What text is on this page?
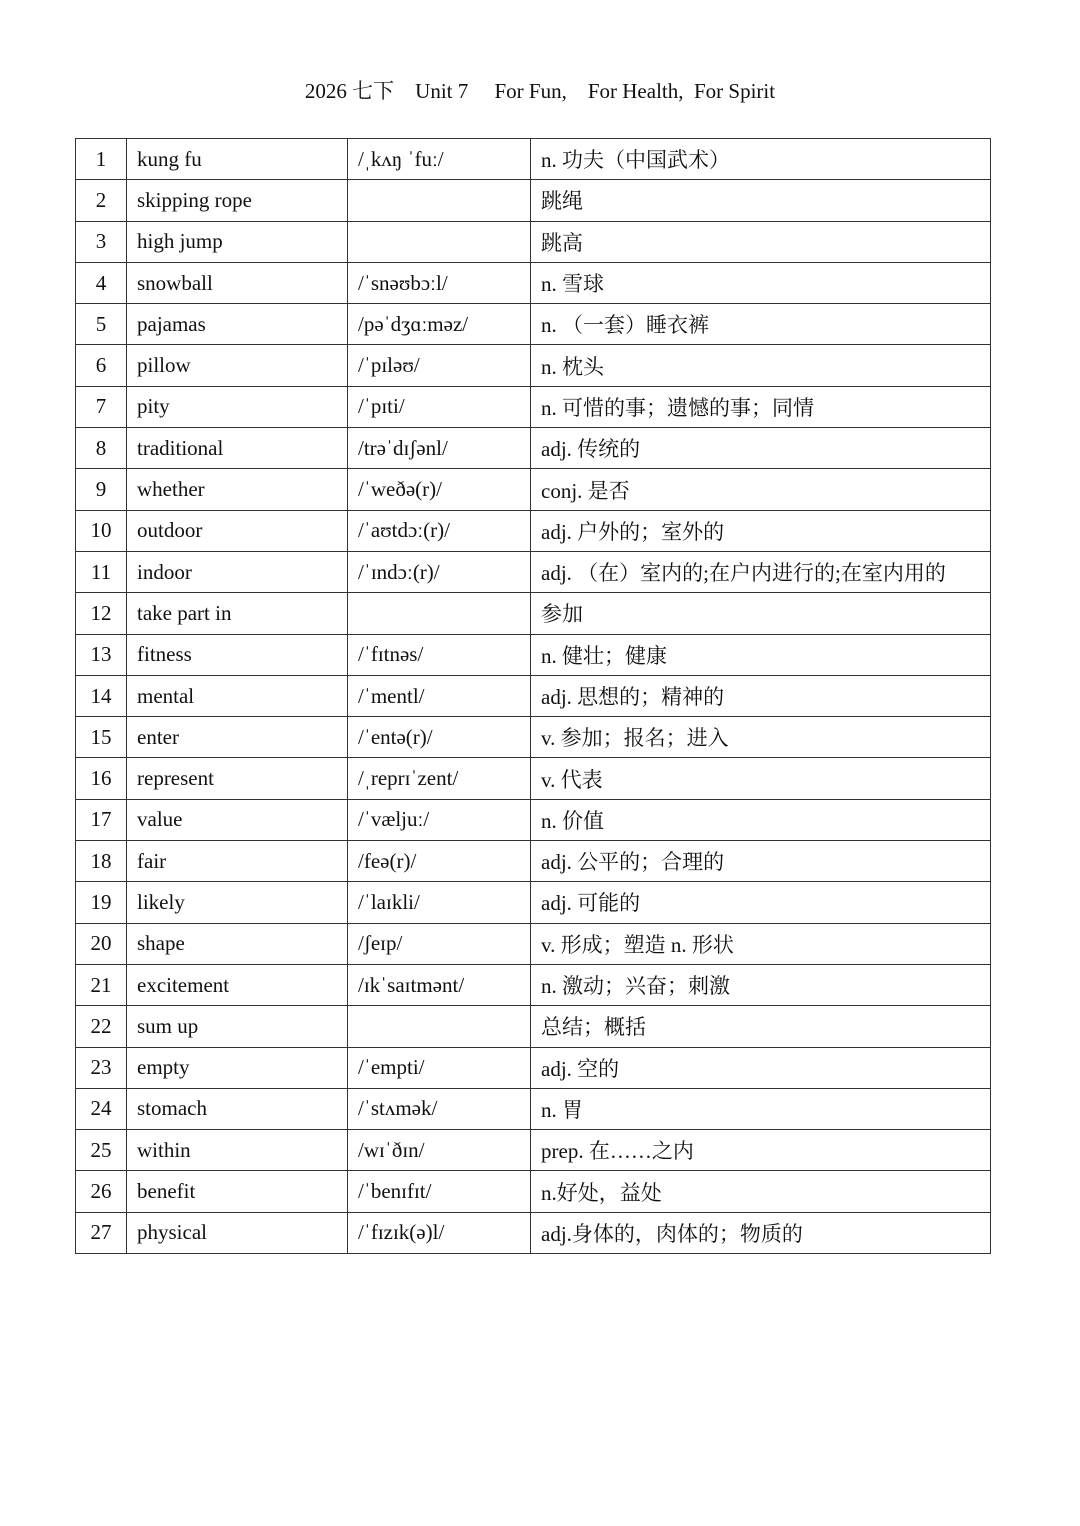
2026 七下    Unit 7     For Fun,    For Health,  For Spirit
1	kung fu	/ˌkʌŋ ˈfuː/	n. 功夫（中国武术）
2	skipping rope		跳绳
3	high jump		跳高
4	snowball	/ˈsnəʊbɔːl/	n. 雪球
5	pajamas	/pəˈdʒɑːməz/	n. （一套）睡衣裤
6	pillow	/ˈpɪləʊ/	n. 枕头
7	pity	/ˈpɪti/	n. 可惜的事；遗憾的事；同情
8	traditional	/trəˈdɪʃənl/	adj. 传统的
9	whether	/ˈweðə(r)/	conj. 是否
10	outdoor	/ˈaʊtdɔː(r)/	adj. 户外的；室外的
11	indoor	/ˈɪndɔː(r)/	adj. （在）室内的;在户内进行的;在室内用的
12	take part in		参加
13	fitness	/ˈfɪtnəs/	n. 健壮；健康
14	mental	/ˈmentl/	adj. 思想的；精神的
15	enter	/ˈentə(r)/	v. 参加；报名；进入
16	represent	/ˌreprɪˈzent/	v. 代表
17	value	/ˈvæljuː/	n. 价值
18	fair	/feə(r)/	adj. 公平的；合理的
19	likely	/ˈlaɪkli/	adj. 可能的
20	shape	/ʃeɪp/	v. 形成；塑造 n. 形状
21	excitement	/ɪkˈsaɪtmənt/	n. 激动；兴奋；刺激
22	sum up		总结；概括
23	empty	/ˈempti/	adj. 空的
24	stomach	/ˈstʌmək/	n. 胃
25	within	/wɪˈðɪn/	prep. 在……之内
26	benefit	/ˈbenɪfɪt/	n.好处，益处
27	physical	/ˈfɪzɪk(ə)l/	adj.身体的，肉体的；物质的
